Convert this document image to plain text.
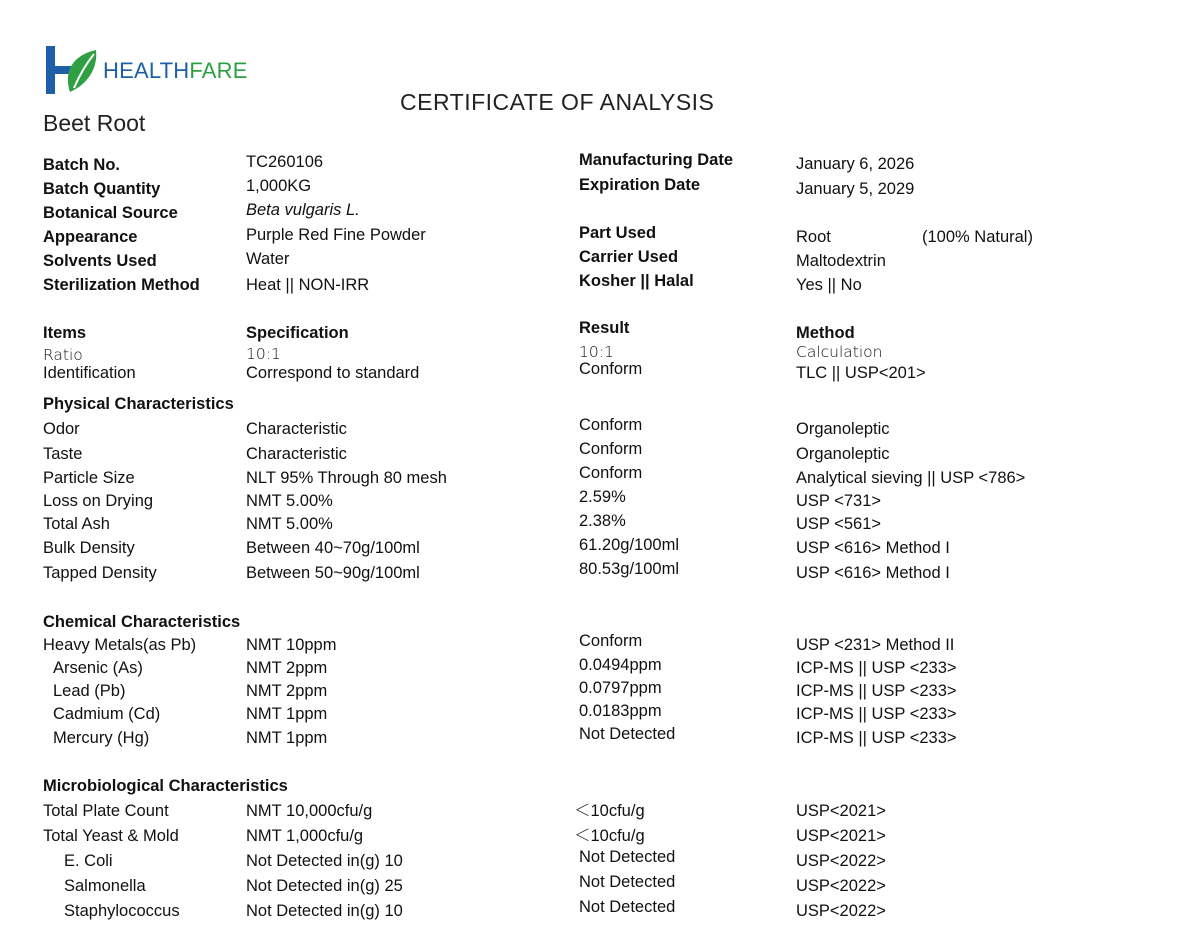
HEALTHFARE
CERTIFICATE OF ANALYSIS
Beet Root
Batch No.	TC260106
Batch Quantity	1,000KG
Botanical Source	Beta vulgaris L.
Appearance	Purple Red Fine Powder
Solvents Used	Water
Sterilization Method	Heat || NON-IRR
Manufacturing Date	January 6, 2026
Expiration Date	January 5, 2029
Part Used	Root	(100% Natural)
Carrier Used	Maltodextrin
Kosher || Halal	Yes || No
Items	Specification	Result	Method
Ratio	10:1	10:1	Calculation
Identification	Correspond to standard	Conform	TLC || USP<201>
Physical Characteristics
Odor	Characteristic	Conform	Organoleptic
Taste	Characteristic	Conform	Organoleptic
Particle Size	NLT 95% Through 80 mesh	Conform	Analytical sieving || USP <786>
Loss on Drying	NMT 5.00%	2.59%	USP <731>
Total Ash	NMT 5.00%	2.38%	USP <561>
Bulk Density	Between 40~70g/100ml	61.20g/100ml	USP <616> Method I
Tapped Density	Between 50~90g/100ml	80.53g/100ml	USP <616> Method I
Chemical Characteristics
Heavy Metals(as Pb)	NMT 10ppm	Conform	USP <231> Method II
Arsenic (As)	NMT 2ppm	0.0494ppm	ICP-MS || USP <233>
Lead (Pb)	NMT 2ppm	0.0797ppm	ICP-MS || USP <233>
Cadmium (Cd)	NMT 1ppm	0.0183ppm	ICP-MS || USP <233>
Mercury (Hg)	NMT 1ppm	Not Detected	ICP-MS || USP <233>
Microbiological Characteristics
Total Plate Count	NMT 10,000cfu/g	＜10cfu/g	USP<2021>
Total Yeast & Mold	NMT 1,000cfu/g	＜10cfu/g	USP<2021>
E. Coli	Not Detected in(g) 10	Not Detected	USP<2022>
Salmonella	Not Detected in(g) 25	Not Detected	USP<2022>
Staphylococcus	Not Detected in(g) 10	Not Detected	USP<2022>
